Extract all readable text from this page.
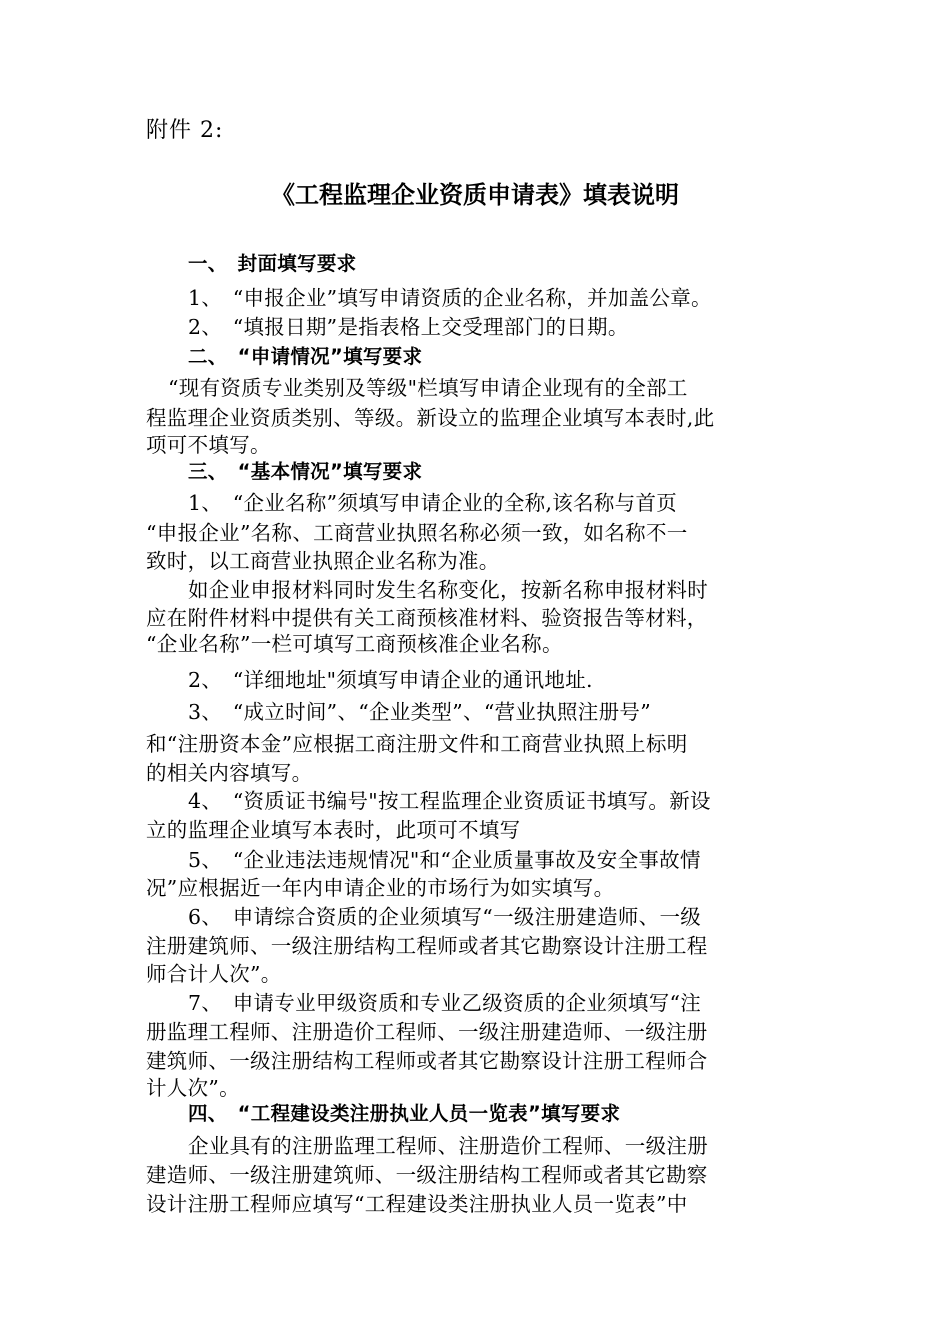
附件 2:
《工程监理企业资质申请表》填表说明
一、　封面填写要求
1、　“申报企业”填写申请资质的企业名称，并加盖公章。
2、　“填报日期”是指表格上交受理部门的日期。
二、　“申请情况”填写要求
“现有资质专业类别及等级"栏填写申请企业现有的全部工
程监理企业资质类别、等级。新设立的监理企业填写本表时,此
项可不填写。
三、　“基本情况”填写要求
1、　“企业名称”须填写申请企业的全称,该名称与首页
“申报企业”名称、工商营业执照名称必须一致，如名称不一
致时，以工商营业执照企业名称为准。
如企业申报材料同时发生名称变化，按新名称申报材料时
应在附件材料中提供有关工商预核准材料、验资报告等材料，
“企业名称”一栏可填写工商预核准企业名称。
2、　“详细地址"须填写申请企业的通讯地址.
3、　“成立时间”、“企业类型”、“营业执照注册号”
和“注册资本金”应根据工商注册文件和工商营业执照上标明
的相关内容填写。
4、　“资质证书编号"按工程监理企业资质证书填写。新设
立的监理企业填写本表时，此项可不填写
5、　“企业违法违规情况"和“企业质量事故及安全事故情
况”应根据近一年内申请企业的市场行为如实填写。
6、　申请综合资质的企业须填写“一级注册建造师、一级
注册建筑师、一级注册结构工程师或者其它勘察设计注册工程
师合计人次”。
7、　申请专业甲级资质和专业乙级资质的企业须填写“注
册监理工程师、注册造价工程师、一级注册建造师、一级注册
建筑师、一级注册结构工程师或者其它勘察设计注册工程师合
计人次”。
四、　“工程建设类注册执业人员一览表”填写要求
企业具有的注册监理工程师、注册造价工程师、一级注册
建造师、一级注册建筑师、一级注册结构工程师或者其它勘察
设计注册工程师应填写“工程建设类注册执业人员一览表”中
